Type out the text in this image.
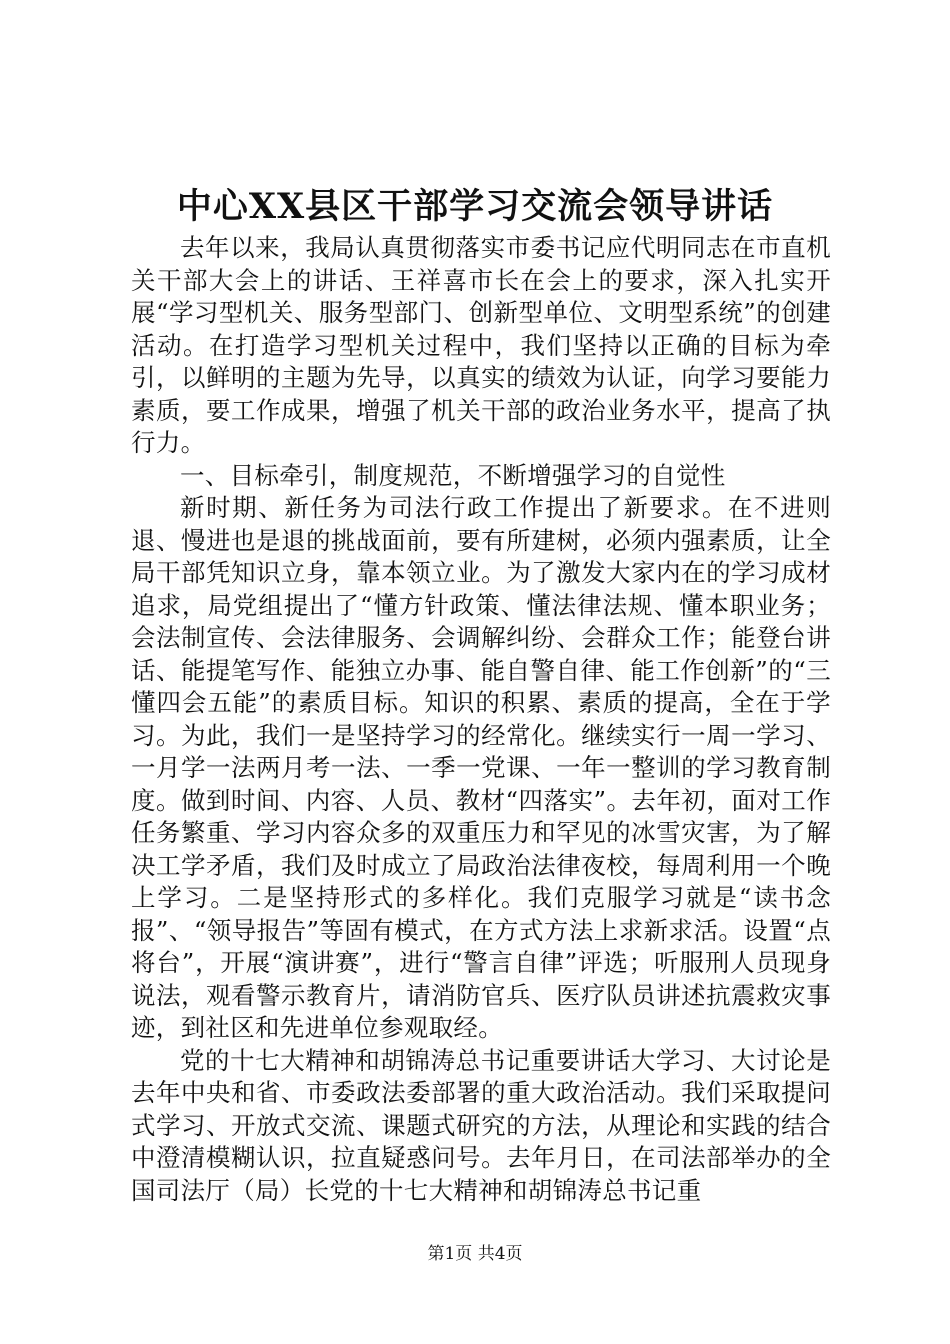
中心XX县区干部学习交流会领导讲话

去年以来，我局认真贯彻落实市委书记应代明同志在市直机关干部大会上的讲话、王祥喜市长在会上的要求，深入扎实开展“学习型机关、服务型部门、创新型单位、文明型系统”的创建活动。在打造学习型机关过程中，我们坚持以正确的目标为牵引，以鲜明的主题为先导，以真实的绩效为认证，向学习要能力素质，要工作成果，增强了机关干部的政治业务水平，提高了执行力。

一、目标牵引，制度规范，不断增强学习的自觉性

新时期、新任务为司法行政工作提出了新要求。在不进则退、慢进也是退的挑战面前，要有所建树，必须内强素质，让全局干部凭知识立身，靠本领立业。为了激发大家内在的学习成材追求，局党组提出了“懂方针政策、懂法律法规、懂本职业务；会法制宣传、会法律服务、会调解纠纷、会群众工作；能登台讲话、能提笔写作、能独立办事、能自警自律、能工作创新”的“三懂四会五能”的素质目标。知识的积累、素质的提高，全在于学习。为此，我们一是坚持学习的经常化。继续实行一周一学习、一月学一法两月考一法、一季一党课、一年一整训的学习教育制度。做到时间、内容、人员、教材“四落实”。去年初，面对工作任务繁重、学习内容众多的双重压力和罕见的冰雪灾害，为了解决工学矛盾，我们及时成立了局政治法律夜校，每周利用一个晚上学习。二是坚持形式的多样化。我们克服学习就是“读书念报”、“领导报告”等固有模式，在方式方法上求新求活。设置“点将台”，开展“演讲赛”，进行“警言自律”评选；听服刑人员现身说法，观看警示教育片，请消防官兵、医疗队员讲述抗震救灾事迹，到社区和先进单位参观取经。

党的十七大精神和胡锦涛总书记重要讲话大学习、大讨论是去年中央和省、市委政法委部署的重大政治活动。我们采取提问式学习、开放式交流、课题式研究的方法，从理论和实践的结合中澄清模糊认识，拉直疑惑问号。去年月日，在司法部举办的全国司法厅（局）长党的十七大精神和胡锦涛总书记重

第1页 共4页
